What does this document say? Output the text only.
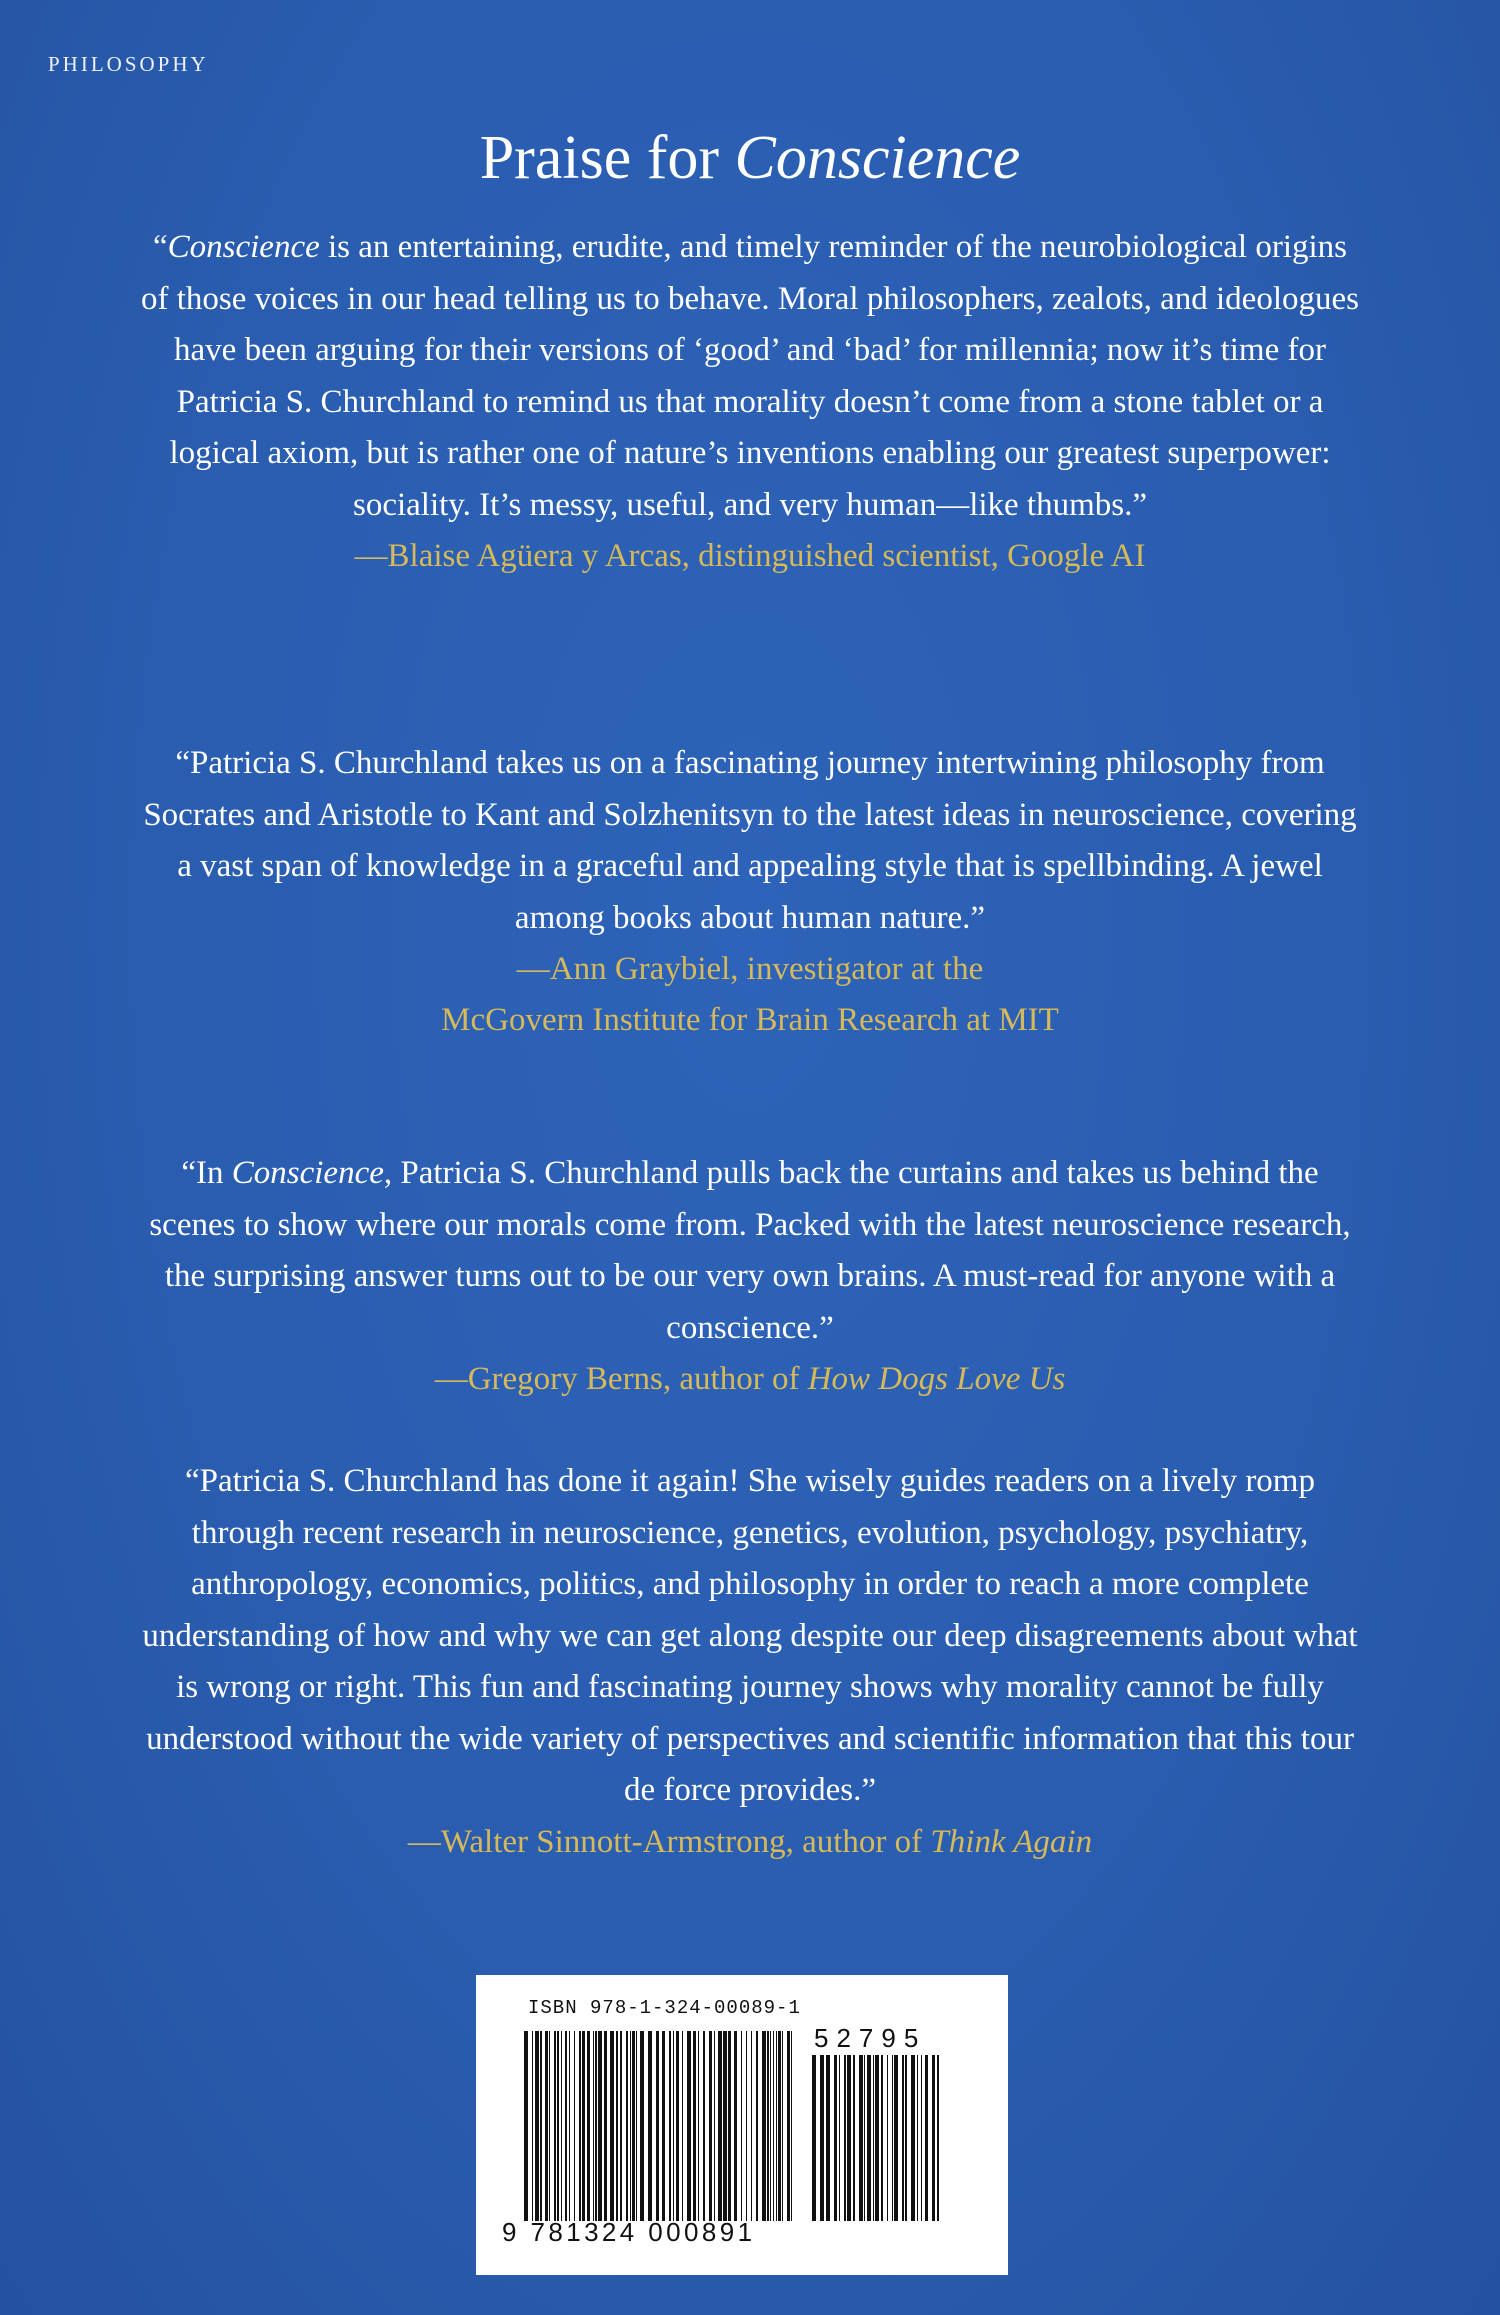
PHILOSOPHY
Praise for Conscience

“Conscience is an entertaining, erudite, and timely reminder of the neurobiological origins of those voices in our head telling us to behave. Moral philosophers, zealots, and ideologues have been arguing for their versions of ‘good’ and ‘bad’ for millennia; now it’s time for Patricia S. Churchland to remind us that morality doesn’t come from a stone tablet or a logical axiom, but is rather one of nature’s inventions enabling our greatest superpower: sociality. It’s messy, useful, and very human—like thumbs.”

—Blaise Agüera y Arcas, distinguished scientist, Google AI

“Patricia S. Churchland takes us on a fascinating journey intertwining philosophy from Socrates and Aristotle to Kant and Solzhenitsyn to the latest ideas in neuroscience, covering a vast span of knowledge in a graceful and appealing style that is spellbinding. A jewel among books about human nature.”

—Ann Graybiel, investigator at the

McGovern Institute for Brain Research at MIT

“In Conscience, Patricia S. Churchland pulls back the curtains and takes us behind the scenes to show where our morals come from. Packed with the latest neuroscience research, the surprising answer turns out to be our very own brains. A must-read for anyone with a conscience.”

—Gregory Berns, author of How Dogs Love Us

“Patricia S. Churchland has done it again! She wisely guides readers on a lively romp through recent research in neuroscience, genetics, evolution, psychology, psychiatry, anthropology, economics, politics, and philosophy in order to reach a more complete understanding of how and why we can get along despite our deep disagreements about what is wrong or right. This fun and fascinating journey shows why morality cannot be fully understood without the wide variety of perspectives and scientific information that this tour de force provides.”

—Walter Sinnott-Armstrong, author of Think Again

ISBN 978-1-324-00089-1
52795
9 781324 000891
